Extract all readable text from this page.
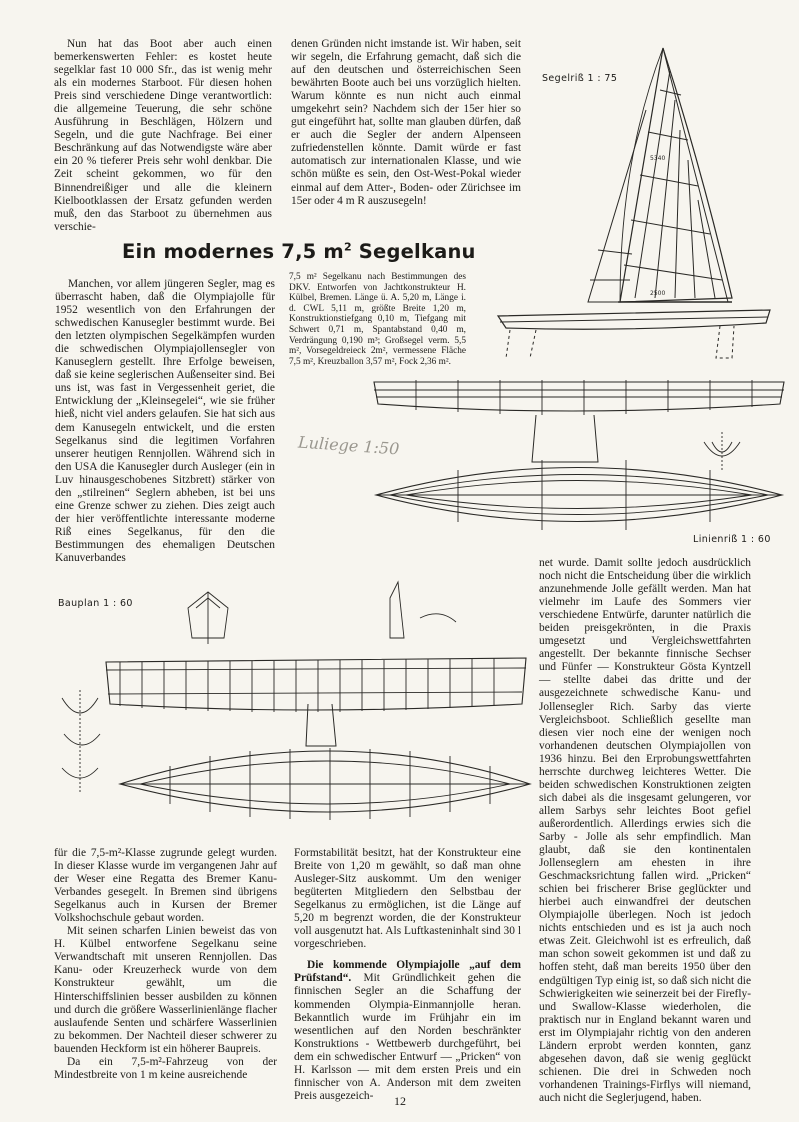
Nun hat das Boot aber auch einen bemerkenswerten Fehler: es kostet heute segelklar fast 10 000 Sfr., das ist wenig mehr als ein modernes Starboot. Für diesen hohen Preis sind verschiedene Dinge verantwortlich: die allgemeine Teuerung, die sehr schöne Ausführung in Beschlägen, Hölzern und Segeln, und die gute Nachfrage. Bei einer Beschränkung auf das Notwendigste wäre aber ein 20 % tieferer Preis sehr wohl denkbar. Die Zeit scheint gekommen, wo für den Binnendreißiger und alle die kleinern Kielbootklassen der Ersatz gefunden werden muß, den das Starboot zu übernehmen aus verschie-

denen Gründen nicht imstande ist. Wir haben, seit wir segeln, die Erfahrung gemacht, daß sich die auf den deutschen und österreichischen Seen bewährten Boote auch bei uns vorzüglich hielten. Warum könnte es nun nicht auch einmal umgekehrt sein? Nachdem sich der 15er hier so gut eingeführt hat, sollte man glauben dürfen, daß er auch die Segler der andern Alpenseen zufriedenstellen könnte. Damit würde er fast automatisch zur internationalen Klasse, und wie schön müßte es sein, den Ost-West-Pokal wieder einmal auf dem Atter-, Boden- oder Zürichsee im 15er oder 4 m R auszusegeln!

Segelriß 1 : 75
2500
5340
Ein modernes 7,5 $m^2$ Segelkanu

Manchen, vor allem jüngeren Segler, mag es überrascht haben, daß die Olympiajolle für 1952 wesentlich von den Erfahrungen der schwedischen Kanusegler bestimmt wurde. Bei den letzten olympischen Segelkämpfen wurden die schwedischen Olympiajollensegler von Kanuseglern gestellt. Ihre Erfolge beweisen, daß sie keine seglerischen Außenseiter sind. Bei uns ist, was fast in Vergessenheit geriet, die Entwicklung der „Kleinsegelei“, wie sie früher hieß, nicht viel anders gelaufen. Sie hat sich aus dem Kanusegeln entwickelt, und die ersten Segelkanus sind die legitimen Vorfahren unserer heutigen Rennjollen. Während sich in den USA die Kanusegler durch Ausleger (ein in Luv hinausgeschobenes Sitzbrett) stärker von den „stilreinen“ Seglern abheben, ist bei uns eine Grenze schwer zu ziehen. Dies zeigt auch der hier veröffentlichte interessante moderne Riß eines Segelkanus, für den die Bestimmungen des ehemaligen Deutschen Kanuverbandes

7,5 m² Segelkanu nach Bestimmungen des DKV. Entworfen von Jachtkonstrukteur H. Külbel, Bremen. Länge ü. A. 5,20 m, Länge i. d. CWL 5,11 m, größte Breite 1,20 m, Konstruktionstiefgang 0,10 m, Tiefgang mit Schwert 0,71 m, Spantabstand 0,40 m, Verdrängung 0,190 m³; Großsegel verm. 5,5 m², Vorsegeldreieck 2m², vermessene Fläche 7,5 m², Kreuzballon 3,57 m², Fock 2,36 m².
Luliege 1:50
Linienriß 1 : 60

net wurde. Damit sollte jedoch ausdrücklich noch nicht die Entscheidung über die wirklich anzunehmende Jolle gefällt werden. Man hat vielmehr im Laufe des Sommers vier verschiedene Entwürfe, darunter natürlich die beiden preisgekrönten, in die Praxis umgesetzt und Vergleichswettfahrten angestellt. Der bekannte finnische Sechser und Fünfer — Konstrukteur Gösta Kyntzell — stellte dabei das dritte und der ausgezeichnete schwedische Kanu- und Jollensegler Rich. Sarby das vierte Vergleichsboot. Schließlich gesellte man diesen vier noch eine der wenigen noch vorhandenen deutschen Olympiajollen von 1936 hinzu. Bei den Erprobungswettfahrten herrschte durchweg leichteres Wetter. Die beiden schwedischen Konstruktionen zeigten sich dabei als die insgesamt gelungeren, vor allem Sarbys sehr leichtes Boot gefiel außerordentlich. Allerdings erwies sich die Sarby - Jolle als sehr empfindlich. Man glaubt, daß sie den kontinentalen Jollenseglern am ehesten in ihre Geschmacksrichtung fallen wird. „Pricken“ schien bei frischerer Brise geglückter und hierbei auch einwandfrei der deutschen Olympiajolle überlegen. Noch ist jedoch nichts entschieden und es ist ja auch noch etwas Zeit. Gleichwohl ist es erfreulich, daß man schon soweit gekommen ist und daß zu hoffen steht, daß man bereits 1950 über den endgültigen Typ einig ist, so daß sich nicht die Schwierigkeiten wie seinerzeit bei der Firefly- und Swallow-Klasse wiederholen, die praktisch nur in England bekannt waren und erst im Olympiajahr richtig von den anderen Ländern erprobt werden konnten, ganz abgesehen davon, daß sie wenig geglückt schienen. Die drei in Schweden noch vorhandenen Trainings-Firflys will niemand, auch nicht die Seglerjugend, haben.

Bauplan 1 : 60

für die 7,5-m²-Klasse zugrunde gelegt wurden. In dieser Klasse wurde im vergangenen Jahr auf der Weser eine Regatta des Bremer Kanu-Verbandes gesegelt. In Bremen sind übrigens Segelkanus auch in Kursen der Bremer Volkshochschule gebaut worden.

Mit seinen scharfen Linien beweist das von H. Külbel entworfene Segelkanu seine Verwandtschaft mit unseren Rennjollen. Das Kanu- oder Kreuzerheck wurde von dem Konstrukteur gewählt, um die Hinterschiffslinien besser ausbilden zu können und durch die größere Wasserlinienlänge flacher auslaufende Senten und schärfere Wasserlinien zu bekommen. Der Nachteil dieser schwerer zu bauenden Heckform ist ein höherer Baupreis.

Da ein 7,5-m²-Fahrzeug von der Mindestbreite von 1 m keine ausreichende

Formstabilität besitzt, hat der Konstrukteur eine Breite von 1,20 m gewählt, so daß man ohne Ausleger-Sitz auskommt. Um den weniger begüterten Mitgliedern den Selbstbau der Segelkanus zu ermöglichen, ist die Länge auf 5,20 m begrenzt worden, die der Konstrukteur voll ausgenutzt hat. Als Luftkasteninhalt sind 30 l vorgeschrieben.

Die kommende Olympiajolle „auf dem Prüfstand“. Mit Gründlichkeit gehen die finnischen Segler an die Schaffung der kommenden Olympia-Einmannjolle heran. Bekanntlich wurde im Frühjahr ein im wesentlichen auf den Norden beschränkter Konstruktions - Wettbewerb durchgeführt, bei dem ein schwedischer Entwurf — „Pricken“ von H. Karlsson — mit dem ersten Preis und ein finnischer von A. Anderson mit dem zweiten Preis ausgezeich-	12
